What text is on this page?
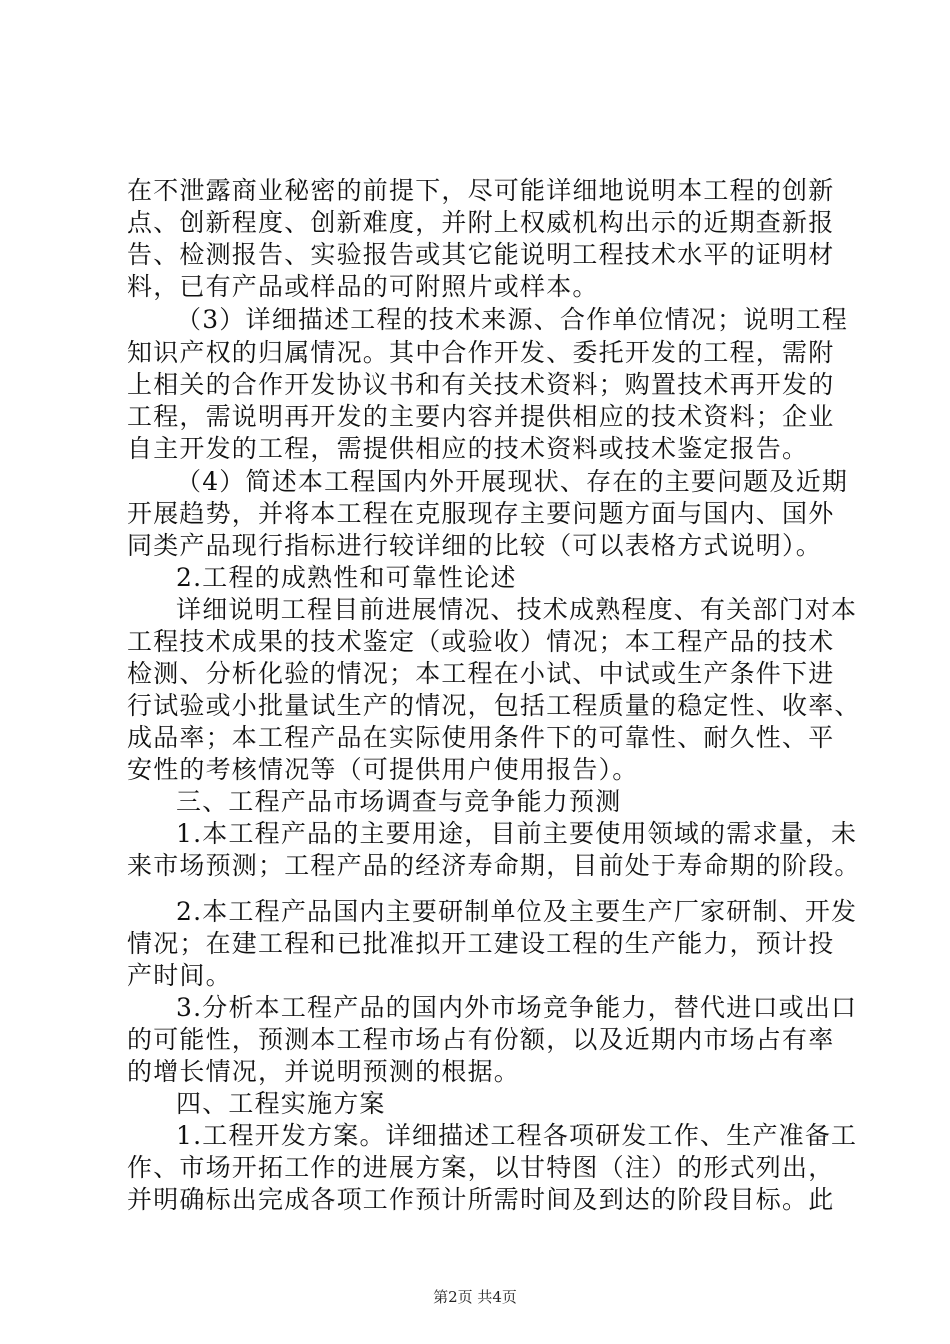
在不泄露商业秘密的前提下，尽可能详细地说明本工程的创新
点、创新程度、创新难度，并附上权威机构出示的近期查新报
告、检测报告、实验报告或其它能说明工程技术水平的证明材
料，已有产品或样品的可附照片或样本。
（3）详细描述工程的技术来源、合作单位情况；说明工程
知识产权的归属情况。其中合作开发、委托开发的工程，需附
上相关的合作开发协议书和有关技术资料；购置技术再开发的
工程，需说明再开发的主要内容并提供相应的技术资料；企业
自主开发的工程，需提供相应的技术资料或技术鉴定报告。
（4）简述本工程国内外开展现状、存在的主要问题及近期
开展趋势，并将本工程在克服现存主要问题方面与国内、国外
同类产品现行指标进行较详细的比较（可以表格方式说明）。
2.工程的成熟性和可靠性论述
详细说明工程目前进展情况、技术成熟程度、有关部门对本
工程技术成果的技术鉴定（或验收）情况；本工程产品的技术
检测、分析化验的情况；本工程在小试、中试或生产条件下进
行试验或小批量试生产的情况，包括工程质量的稳定性、收率、
成品率；本工程产品在实际使用条件下的可靠性、耐久性、平
安性的考核情况等（可提供用户使用报告）。
三、工程产品市场调查与竞争能力预测
1.本工程产品的主要用途，目前主要使用领域的需求量，未
来市场预测；工程产品的经济寿命期，目前处于寿命期的阶段。
2.本工程产品国内主要研制单位及主要生产厂家研制、开发
情况；在建工程和已批准拟开工建设工程的生产能力，预计投
产时间。
3.分析本工程产品的国内外市场竞争能力，替代进口或出口
的可能性，预测本工程市场占有份额，以及近期内市场占有率
的增长情况，并说明预测的根据。
四、工程实施方案
1.工程开发方案。详细描述工程各项研发工作、生产准备工
作、市场开拓工作的进展方案，以甘特图（注）的形式列出，
并明确标出完成各项工作预计所需时间及到达的阶段目标。此
第2页 共4页
